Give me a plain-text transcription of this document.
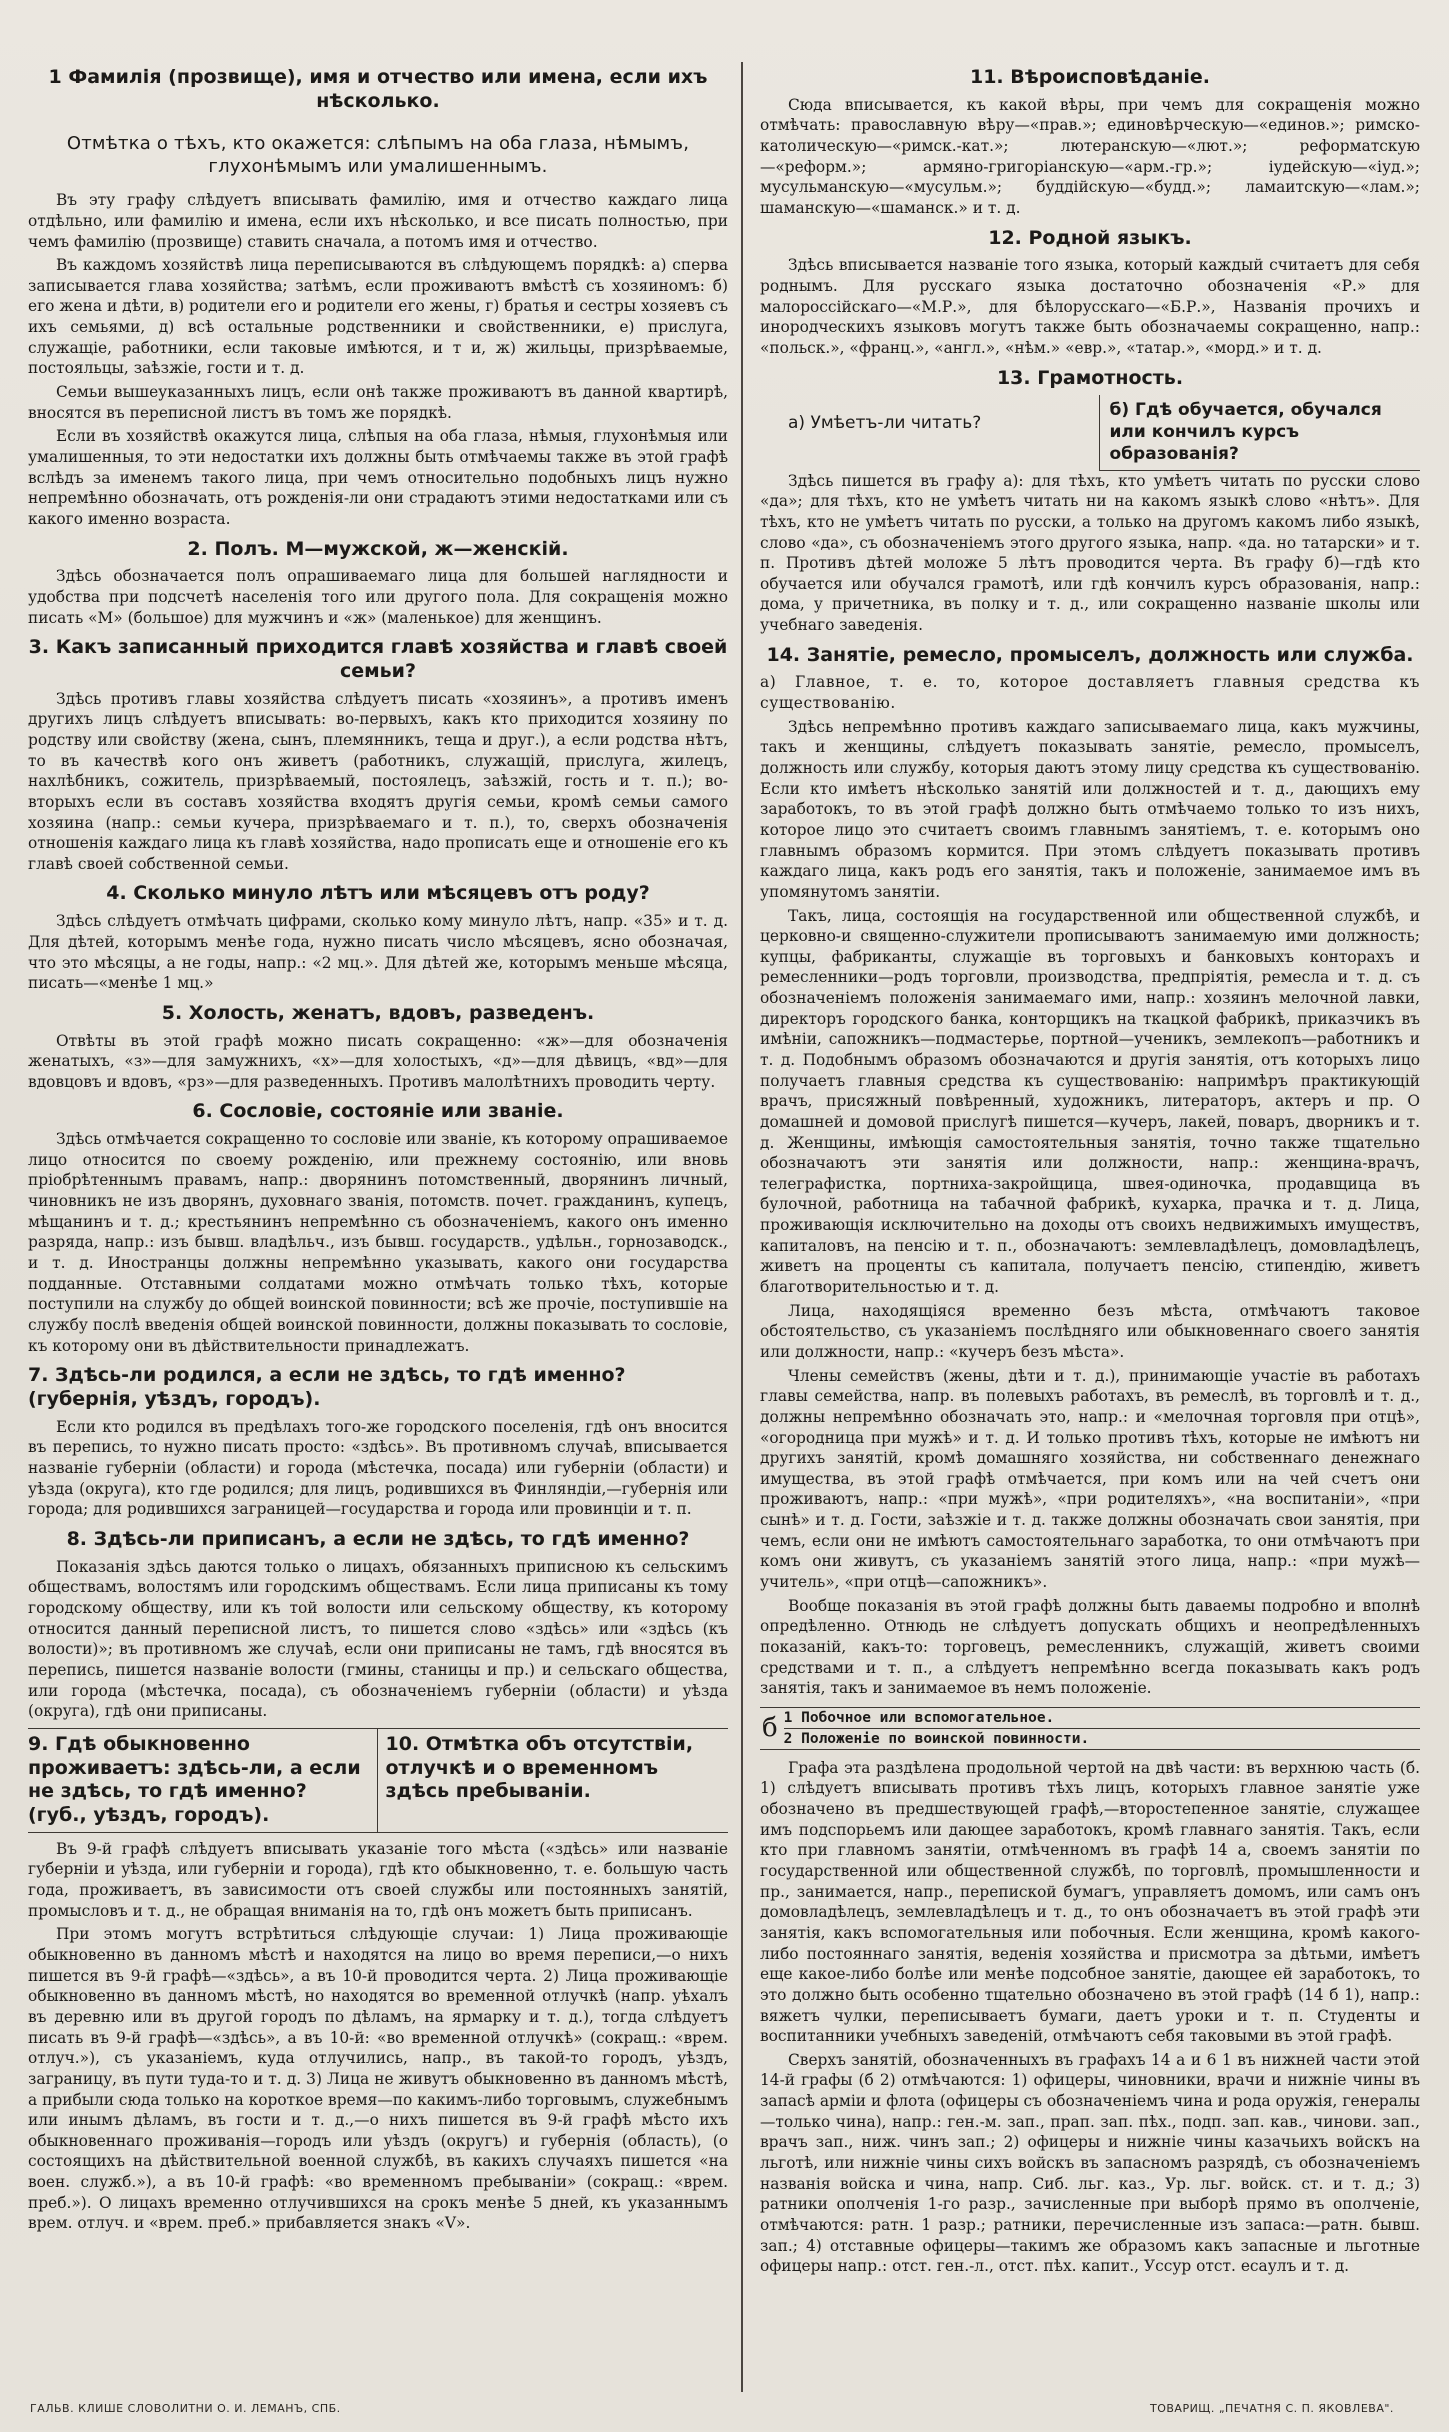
1 Фамилія (прозвище), имя и отчество или имена, если ихъ нѣсколько.
Отмѣтка о тѣхъ, кто окажется: слѣпымъ на оба глаза, нѣмымъ, глухонѣмымъ или умалишеннымъ.

Въ эту графу слѣдуетъ вписывать фамилію, имя и отчество каждаго лица отдѣльно, или фамилію и имена, если ихъ нѣсколько, и все писать полностью, при чемъ фамилію (прозвище) ставить сначала, а потомъ имя и отчество.

Въ каждомъ хозяйствѣ лица переписываются въ слѣдующемъ порядкѣ: а) сперва записывается глава хозяйства; затѣмъ, если проживаютъ вмѣстѣ съ хозяиномъ: б) его жена и дѣти, в) родители его и родители его жены, г) братья и сестры хозяевъ съ ихъ семьями, д) всѣ остальные родственники и свойственники, е) прислуга, служащіе, работники, если таковые имѣются, и т и, ж) жильцы, призрѣваемые, постояльцы, заѣзжіе, гости и т. д.

Семьи вышеуказанныхъ лицъ, если онѣ также проживаютъ въ данной квартирѣ, вносятся въ переписной листъ въ томъ же порядкѣ.

Если въ хозяйствѣ окажутся лица, слѣпыя на оба глаза, нѣмыя, глухонѣмыя или умалишенныя, то эти недостатки ихъ должны быть отмѣчаемы также въ этой графѣ вслѣдъ за именемъ такого лица, при чемъ относительно подобныхъ лицъ нужно непремѣнно обозначать, отъ рожденія-ли они страдаютъ этими недостатками или съ какого именно возраста.

2. Полъ. М—мужской, ж—женскій.

Здѣсь обозначается полъ опрашиваемаго лица для большей наглядности и удобства при подсчетѣ населенія того или другого пола. Для сокращенія можно писать «М» (большое) для мужчинъ и «ж» (маленькое) для женщинъ.

3. Какъ записанный приходится главѣ хозяйства и главѣ своей семьи?

Здѣсь противъ главы хозяйства слѣдуетъ писать «хозяинъ», а противъ именъ другихъ лицъ слѣдуетъ вписывать: во-первыхъ, какъ кто приходится хозяину по родству или свойству (жена, сынъ, племянникъ, теща и друг.), а если родства нѣтъ, то въ качествѣ кого онъ живетъ (работникъ, служащій, прислуга, жилецъ, нахлѣбникъ, сожитель, призрѣваемый, постоялецъ, заѣзжій, гость и т. п.); во-вторыхъ если въ составъ хозяйства входятъ другія семьи, кромѣ семьи самого хозяина (напр.: семьи кучера, призрѣваемаго и т. п.), то, сверхъ обозначенія отношенія каждаго лица къ главѣ хозяйства, надо прописать еще и отношеніе его къ главѣ своей собственной семьи.

4. Сколько минуло лѣтъ или мѣсяцевъ отъ роду?

Здѣсь слѣдуетъ отмѣчать цифрами, сколько кому минуло лѣтъ, напр. «35» и т. д. Для дѣтей, которымъ менѣе года, нужно писать число мѣсяцевъ, ясно обозначая, что это мѣсяцы, а не годы, напр.: «2 мц.». Для дѣтей же, которымъ меньше мѣсяца, писать—«менѣе 1 мц.»

5. Холость, женатъ, вдовъ, разведенъ.

Отвѣты въ этой графѣ можно писать сокращенно: «ж»—для обозначенія женатыхъ, «з»—для замужнихъ, «х»—для холостыхъ, «д»—для дѣвицъ, «вд»—для вдовцовъ и вдовъ, «рз»—для разведенныхъ. Противъ малолѣтнихъ проводить черту.

6. Сословіе, состояніе или званіе.

Здѣсь отмѣчается сокращенно то сословіе или званіе, къ которому опрашиваемое лицо относится по своему рожденію, или прежнему состоянію, или вновь пріобрѣтеннымъ правамъ, напр.: дворянинъ потомственный, дворянинъ личный, чиновникъ не изъ дворянъ, духовнаго званія, потомств. почет. гражданинъ, купецъ, мѣщанинъ и т. д.; крестьянинъ непремѣнно съ обозначеніемъ, какого онъ именно разряда, напр.: изъ бывш. владѣльч., изъ бывш. государств., удѣльн., горнозаводск., и т. д. Иностранцы должны непремѣнно указывать, какого они государства подданные. Отставными солдатами можно отмѣчать только тѣхъ, которые поступили на службу до общей воинской повинности; всѣ же прочіе, поступившіе на службу послѣ введенія общей воинской повинности, должны показывать то сословіе, къ которому они въ дѣйствительности принадлежатъ.

7. Здѣсь-ли родился, а если не здѣсь, то гдѣ именно? (губернія, уѣздъ, городъ).

Если кто родился въ предѣлахъ того-же городского поселенія, гдѣ онъ вносится въ перепись, то нужно писать просто: «здѣсь». Въ противномъ случаѣ, вписывается названіе губерніи (области) и города (мѣстечка, посада) или губерніи (области) и уѣзда (округа), кто где родился; для лицъ, родившихся въ Финляндіи,—губернія или города; для родившихся заграницей—государства и города или провинціи и т. п.

8. Здѣсь-ли приписанъ, а если не здѣсь, то гдѣ именно?

Показанія здѣсь даются только о лицахъ, обязанныхъ приписною къ сельскимъ обществамъ, волостямъ или городскимъ обществамъ. Если лица приписаны къ тому городскому обществу, или къ той волости или сельскому обществу, къ которому относится данный переписной листъ, то пишется слово «здѣсь» или «здѣсь (къ волости)»; въ противномъ же случаѣ, если они приписаны не тамъ, гдѣ вносятся въ перепись, пишется названіе волости (гмины, станицы и пр.) и сельскаго общества, или города (мѣстечка, посада), съ обозначеніемъ губерніи (области) и уѣзда (округа), гдѣ они приписаны.

9. Гдѣ обыкновенно проживаетъ: здѣсь-ли, а если не здѣсь, то гдѣ именно? (губ., уѣздъ, городъ).
10. Отмѣтка объ отсутствіи, отлучкѣ и о временномъ здѣсь пребываніи.

Въ 9-й графѣ слѣдуетъ вписывать указаніе того мѣста («здѣсь» или названіе губерніи и уѣзда, или губерніи и города), гдѣ кто обыкновенно, т. е. большую часть года, проживаетъ, въ зависимости отъ своей службы или постоянныхъ занятій, промысловъ и т. д., не обращая вниманія на то, гдѣ онъ можетъ быть приписанъ.

При этомъ могутъ встрѣтиться слѣдующіе случаи: 1) Лица проживающіе обыкновенно въ данномъ мѣстѣ и находятся на лицо во время переписи,—о нихъ пишется въ 9-й графѣ—«здѣсь», а въ 10-й проводится черта. 2) Лица проживающіе обыкновенно въ данномъ мѣстѣ, но находятся во временной отлучкѣ (напр. уѣхалъ въ деревню или въ другой городъ по дѣламъ, на ярмарку и т. д.), тогда слѣдуетъ писать въ 9-й графѣ—«здѣсь», а въ 10-й: «во временной отлучкѣ» (сокращ.: «врем. отлуч.»), съ указаніемъ, куда отлучились, напр., въ такой-то городъ, уѣздъ, заграницу, въ пути туда-то и т. д. 3) Лица не живутъ обыкновенно въ данномъ мѣстѣ, а прибыли сюда только на короткое время—по какимъ-либо торговымъ, служебнымъ или инымъ дѣламъ, въ гости и т. д.,—о нихъ пишется въ 9-й графѣ мѣсто ихъ обыкновеннаго проживанія—городъ или уѣздъ (округъ) и губернія (область), (о состоящихъ на дѣйствительной военной службѣ, въ какихъ случаяхъ пишется «на воен. служб.»), а въ 10-й графѣ: «во временномъ пребываніи» (сокращ.: «врем. преб.»). О лицахъ временно отлучившихся на срокъ менѣе 5 дней, къ указаннымъ врем. отлуч. и «врем. преб.» прибавляется знакъ «V».

11. Вѣроисповѣданіе.

Сюда вписывается, къ какой вѣры, при чемъ для сокращенія можно отмѣчать: православную вѣру—«прав.»; единовѣрческую—«единов.»; римско-католическую—«римск.-кат.»; лютеранскую—«лют.»; реформатскую—«реформ.»; армяно-григоріанскую—«арм.-гр.»; іудейскую—«іуд.»; мусульманскую—«мусульм.»; буддійскую—«будд.»; ламаитскую—«лам.»; шаманскую—«шаманск.» и т. д.

12. Родной языкъ.

Здѣсь вписывается названіе того языка, который каждый считаетъ для себя роднымъ. Для русскаго языка достаточно обозначенія «Р.» для малороссійскаго—«М.Р.», для бѣлорусскаго—«Б.Р.», Названія прочихъ и инородческихъ языковъ могутъ также быть обозначаемы сокращенно, напр.: «польск.», «франц.», «англ.», «нѣм.» «евр.», «татар.», «морд.» и т. д.

13. Грамотность.
а) Умѣетъ-ли читать?
б) Гдѣ обучается, обучался или кончилъ курсъ образованія?

Здѣсь пишется въ графу а): для тѣхъ, кто умѣетъ читать по русски слово «да»; для тѣхъ, кто не умѣетъ читать ни на какомъ языкѣ слово «нѣтъ». Для тѣхъ, кто не умѣетъ читать по русски, а только на другомъ какомъ либо языкѣ, слово «да», съ обозначеніемъ этого другого языка, напр. «да. но татарски» и т. п. Противъ дѣтей моложе 5 лѣтъ проводится черта. Въ графу б)—гдѣ кто обучается или обучался грамотѣ, или гдѣ кончилъ курсъ образованія, напр.: дома, у причетника, въ полку и т. д., или сокращенно названіе школы или учебнаго заведенія.

14. Занятіе, ремесло, промыселъ, должность или служба.

а) Главное, т. е. то, которое доставляетъ главныя средства къ существованію.

Здѣсь непремѣнно противъ каждаго записываемаго лица, какъ мужчины, такъ и женщины, слѣдуетъ показывать занятіе, ремесло, промыселъ, должность или службу, которыя даютъ этому лицу средства къ существованію. Если кто имѣетъ нѣсколько занятій или должностей и т. д., дающихъ ему заработокъ, то въ этой графѣ должно быть отмѣчаемо только то изъ нихъ, которое лицо это считаетъ своимъ главнымъ занятіемъ, т. е. которымъ оно главнымъ образомъ кормится. При этомъ слѣдуетъ показывать противъ каждаго лица, какъ родъ его занятія, такъ и положеніе, занимаемое имъ въ упомянутомъ занятіи.

Такъ, лица, состоящія на государственной или общественной службѣ, и церковно-и священно-служители прописываютъ занимаемую ими должность; купцы, фабриканты, служащіе въ торговыхъ и банковыхъ конторахъ и ремесленники—родъ торговли, производства, предпріятія, ремесла и т. д. съ обозначеніемъ положенія занимаемаго ими, напр.: хозяинъ мелочной лавки, директоръ городского банка, конторщикъ на ткацкой фабрикѣ, приказчикъ въ имѣніи, сапожникъ—подмастерье, портной—ученикъ, землекопъ—работникъ и т. д. Подобнымъ образомъ обозначаются и другія занятія, отъ которыхъ лицо получаетъ главныя средства къ существованію: напримѣръ практикующій врачъ, присяжный повѣренный, художникъ, литераторъ, актеръ и пр. О домашней и домовой прислугѣ пишется—кучеръ, лакей, поваръ, дворникъ и т. д. Женщины, имѣющія самостоятельныя занятія, точно также тщательно обозначаютъ эти занятія или должности, напр.: женщина-врачъ, телеграфистка, портниха-закройщица, швея-одиночка, продавщица въ булочной, работница на табачной фабрикѣ, кухарка, прачка и т. д. Лица, проживающія исключительно на доходы отъ своихъ недвижимыхъ имуществъ, капиталовъ, на пенсію и т. п., обозначаютъ: землевладѣлецъ, домовладѣлецъ, живетъ на проценты съ капитала, получаетъ пенсію, стипендію, живетъ благотворительностью и т. д.

Лица, находящіяся временно безъ мѣста, отмѣчаютъ таковое обстоятельство, съ указаніемъ послѣдняго или обыкновеннаго своего занятія или должности, напр.: «кучеръ безъ мѣста».

Члены семействъ (жены, дѣти и т. д.), принимающіе участіе въ работахъ главы семейства, напр. въ полевыхъ работахъ, въ ремеслѣ, въ торговлѣ и т. д., должны непремѣнно обозначать это, напр.: и «мелочная торговля при отцѣ», «огородница при мужѣ» и т. д. И только противъ тѣхъ, которые не имѣютъ ни другихъ занятій, кромѣ домашняго хозяйства, ни собственнаго денежнаго имущества, въ этой графѣ отмѣчается, при комъ или на чей счетъ они проживаютъ, напр.: «при мужѣ», «при родителяхъ», «на воспитаніи», «при сынѣ» и т. д. Гости, заѣзжіе и т. д. также должны обозначать свои занятія, при чемъ, если они не имѣютъ самостоятельнаго заработка, то они отмѣчаютъ при комъ они живутъ, съ указаніемъ занятій этого лица, напр.: «при мужѣ—учитель», «при отцѣ—сапожникъ».

Вообще показанія въ этой графѣ должны быть даваемы подробно и вполнѣ опредѣленно. Отнюдь не слѣдуетъ допускать общихъ и неопредѣленныхъ показаній, какъ-то: торговецъ, ремесленникъ, служащій, живетъ своими средствами и т. п., а слѣдуетъ непремѣнно всегда показывать какъ родъ занятія, такъ и занимаемое въ немъ положеніе.

б 1 Побочное или вспомогательное.
2 Положеніе по воинской повинности.

Графа эта раздѣлена продольной чертой на двѣ части: въ верхнюю часть (б. 1) слѣдуетъ вписывать противъ тѣхъ лицъ, которыхъ главное занятіе уже обозначено въ предшествующей графѣ,—второстепенное занятіе, служащее имъ подспорьемъ или дающее заработокъ, кромѣ главнаго занятія. Такъ, если кто при главномъ занятіи, отмѣченномъ въ графѣ 14 а, своемъ занятіи по государственной или общественной службѣ, по торговлѣ, промышленности и пр., занимается, напр., перепиской бумагъ, управляетъ домомъ, или самъ онъ домовладѣлецъ, землевладѣлецъ и т. д., то онъ обозначаетъ въ этой графѣ эти занятія, какъ вспомогательныя или побочныя. Если женщина, кромѣ какого-либо постояннаго занятія, веденія хозяйства и присмотра за дѣтьми, имѣетъ еще какое-либо болѣе или менѣе подсобное занятіе, дающее ей заработокъ, то это должно быть особенно тщательно обозначено въ этой графѣ (14 б 1), напр.: вяжетъ чулки, переписываетъ бумаги, даетъ уроки и т. п. Студенты и воспитанники учебныхъ заведеній, отмѣчаютъ себя таковыми въ этой графѣ.

Сверхъ занятій, обозначенныхъ въ графахъ 14 а и 6 1 въ нижней части этой 14-й графы (б 2) отмѣчаются: 1) офицеры, чиновники, врачи и нижніе чины въ запасѣ арміи и флота (офицеры съ обозначеніемъ чина и рода оружія, генералы—только чина), напр.: ген.-м. зап., прап. зап. пѣх., подп. зап. кав., чинови. зап., врачъ зап., ниж. чинъ зап.; 2) офицеры и нижніе чины казачьихъ войскъ на льготѣ, или нижніе чины сихъ войскъ въ запасномъ разрядѣ, съ обозначеніемъ названія войска и чина, напр. Сиб. льг. каз., Ур. льг. войск. ст. и т. д.; 3) ратники ополченія 1-го разр., зачисленные при выборѣ прямо въ ополченіе, отмѣчаются: ратн. 1 разр.; ратники, перечисленные изъ запаса:—ратн. бывш. зап.; 4) отставные офицеры—такимъ же образомъ какъ запасные и льготные офицеры напр.: отст. ген.-л., отст. пѣх. капит., Уссур отст. есаулъ и т. д.

ГАЛЬВ. КЛИШЕ СЛОВОЛИТНИ О. И. ЛЕМАНЪ, СПБ.	ТОВАРИЩ. „ПЕЧАТНЯ С. П. ЯКОВЛЕВА".
